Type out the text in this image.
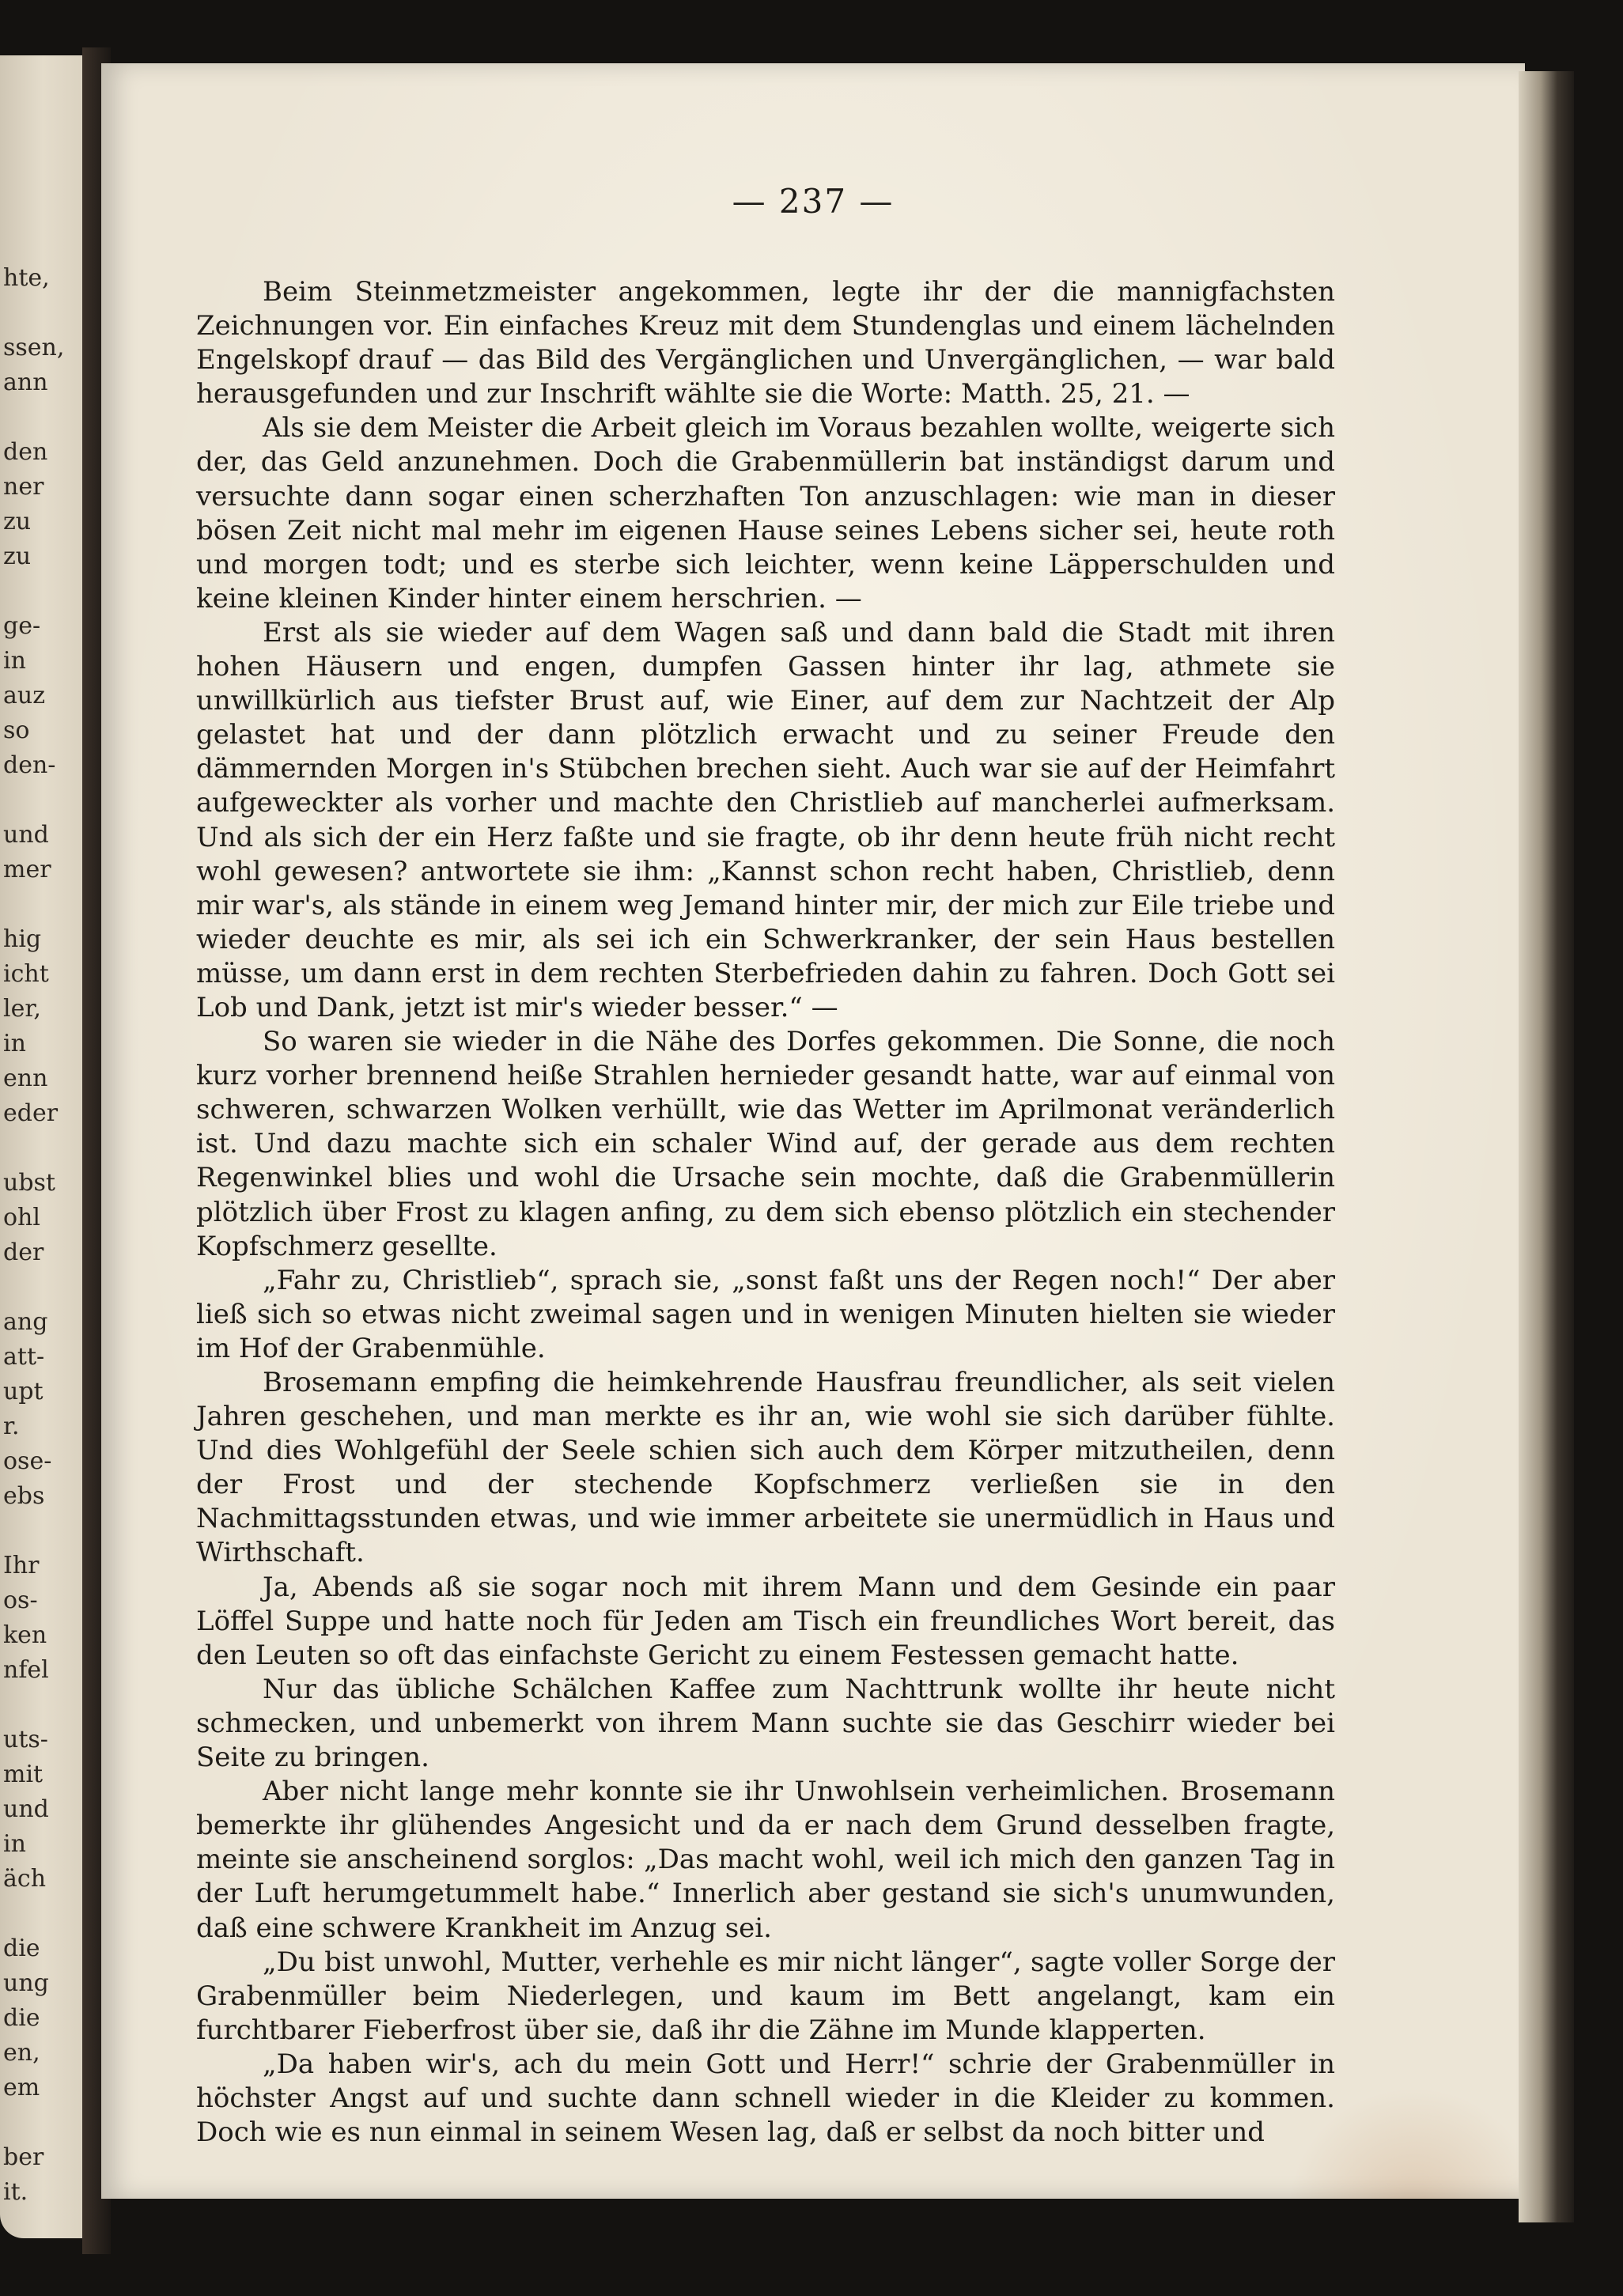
hte,
ssen,
ann
den
ner
zu
zu
ge-
in
auz
so
den-
und
mer
hig
icht
ler,
in
enn
eder
ubst
ohl
der
ang
att-
upt
r.
ose-
ebs
Ihr
os-
ken
nfel
uts-
mit
und
in
äch
die
ung
die
en,
em
ber
it.
— 237 —

Beim Steinmetzmeister angekommen, legte ihr der die mannigfachsten Zeichnungen vor. Ein einfaches Kreuz mit dem Stundenglas und einem lächelnden Engelskopf drauf — das Bild des Vergänglichen und Unvergänglichen, — war bald herausgefunden und zur Inschrift wählte sie die Worte: Matth. 25, 21. —

Als sie dem Meister die Arbeit gleich im Voraus bezahlen wollte, weigerte sich der, das Geld anzunehmen. Doch die Grabenmüllerin bat inständigst darum und versuchte dann sogar einen scherzhaften Ton anzuschlagen: wie man in dieser bösen Zeit nicht mal mehr im eigenen Hause seines Lebens sicher sei, heute roth und morgen todt; und es sterbe sich leichter, wenn keine Läpperschulden und keine kleinen Kinder hinter einem herschrien. —

Erst als sie wieder auf dem Wagen saß und dann bald die Stadt mit ihren hohen Häusern und engen, dumpfen Gassen hinter ihr lag, athmete sie unwillkürlich aus tiefster Brust auf, wie Einer, auf dem zur Nachtzeit der Alp gelastet hat und der dann plötzlich erwacht und zu seiner Freude den dämmernden Morgen in's Stübchen brechen sieht. Auch war sie auf der Heimfahrt aufgeweckter als vorher und machte den Christlieb auf mancherlei aufmerksam. Und als sich der ein Herz faßte und sie fragte, ob ihr denn heute früh nicht recht wohl gewesen? antwortete sie ihm: „Kannst schon recht haben, Christlieb, denn mir war's, als stände in einem weg Jemand hinter mir, der mich zur Eile triebe und wieder deuchte es mir, als sei ich ein Schwerkranker, der sein Haus bestellen müsse, um dann erst in dem rechten Sterbefrieden dahin zu fahren. Doch Gott sei Lob und Dank, jetzt ist mir's wieder besser.“ —

So waren sie wieder in die Nähe des Dorfes gekommen. Die Sonne, die noch kurz vorher brennend heiße Strahlen hernieder gesandt hatte, war auf einmal von schweren, schwarzen Wolken verhüllt, wie das Wetter im Aprilmonat veränderlich ist. Und dazu machte sich ein schaler Wind auf, der gerade aus dem rechten Regenwinkel blies und wohl die Ursache sein mochte, daß die Grabenmüllerin plötzlich über Frost zu klagen anfing, zu dem sich ebenso plötzlich ein stechender Kopfschmerz gesellte.

„Fahr zu, Christlieb“, sprach sie, „sonst faßt uns der Regen noch!“ Der aber ließ sich so etwas nicht zweimal sagen und in wenigen Minuten hielten sie wieder im Hof der Grabenmühle.

Brosemann empfing die heimkehrende Hausfrau freundlicher, als seit vielen Jahren geschehen, und man merkte es ihr an, wie wohl sie sich darüber fühlte. Und dies Wohlgefühl der Seele schien sich auch dem Körper mitzutheilen, denn der Frost und der stechende Kopfschmerz verließen sie in den Nachmittagsstunden etwas, und wie immer arbeitete sie unermüdlich in Haus und Wirthschaft.

Ja, Abends aß sie sogar noch mit ihrem Mann und dem Gesinde ein paar Löffel Suppe und hatte noch für Jeden am Tisch ein freundliches Wort bereit, das den Leuten so oft das einfachste Gericht zu einem Festessen gemacht hatte.

Nur das übliche Schälchen Kaffee zum Nachttrunk wollte ihr heute nicht schmecken, und unbemerkt von ihrem Mann suchte sie das Geschirr wieder bei Seite zu bringen.

Aber nicht lange mehr konnte sie ihr Unwohlsein verheimlichen. Brosemann bemerkte ihr glühendes Angesicht und da er nach dem Grund desselben fragte, meinte sie anscheinend sorglos: „Das macht wohl, weil ich mich den ganzen Tag in der Luft herumgetummelt habe.“ Innerlich aber gestand sie sich's unumwunden, daß eine schwere Krankheit im Anzug sei.

„Du bist unwohl, Mutter, verhehle es mir nicht länger“, sagte voller Sorge der Grabenmüller beim Niederlegen, und kaum im Bett angelangt, kam ein furchtbarer Fieberfrost über sie, daß ihr die Zähne im Munde klapperten.

„Da haben wir's, ach du mein Gott und Herr!“ schrie der Grabenmüller in höchster Angst auf und suchte dann schnell wieder in die Kleider zu kommen. Doch wie es nun einmal in seinem Wesen lag, daß er selbst da noch bitter und
